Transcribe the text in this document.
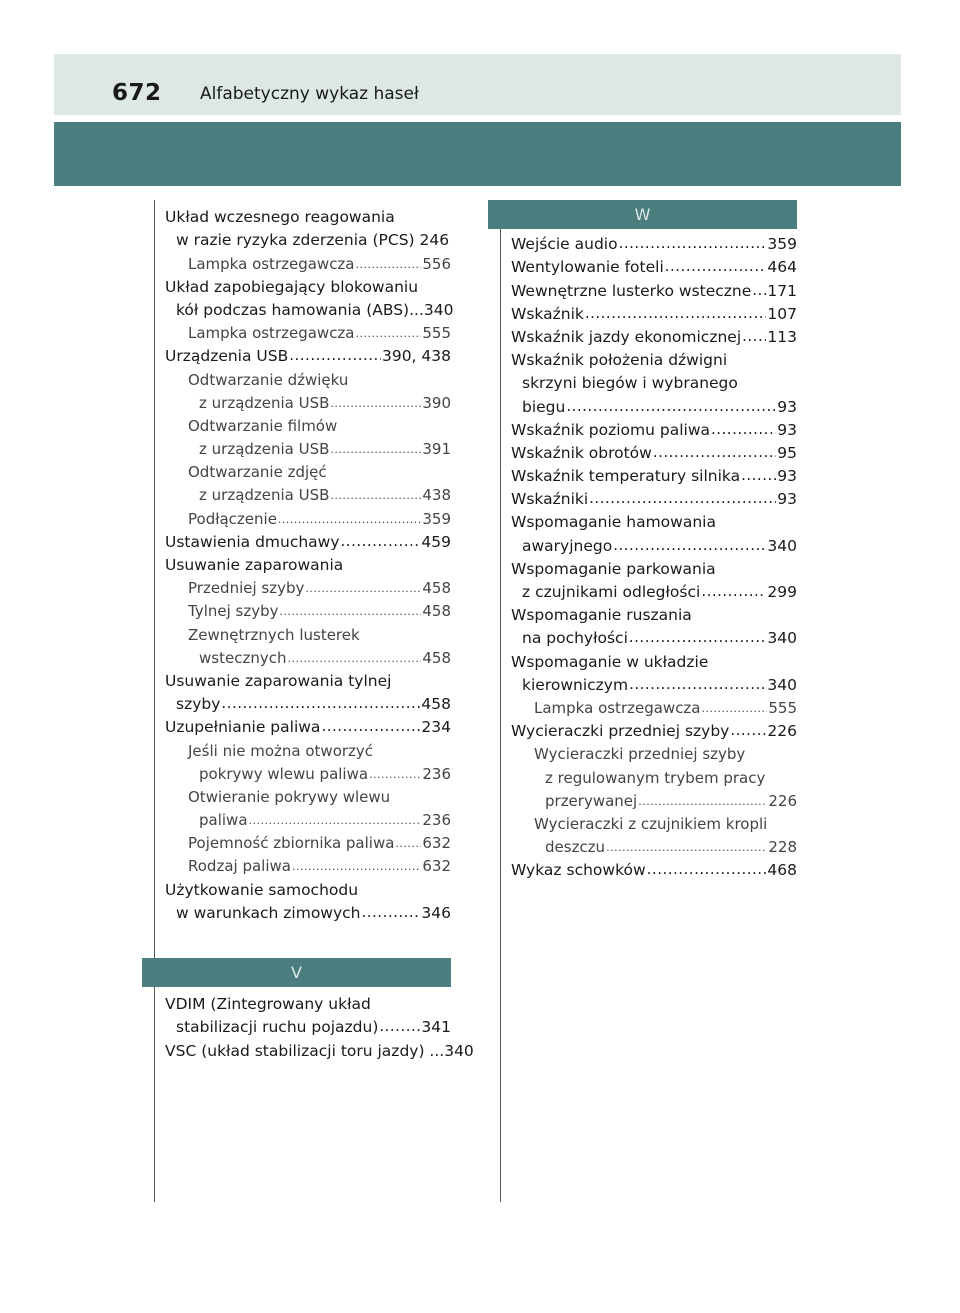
672 Alfabetyczny wykaz haseł
Układ wczesnego reagowania
w razie ryzyka zderzenia (PCS) 246
Lampka ostrzegawcza .....	556
Układ zapobiegający blokowaniu
kół podczas hamowania (ABS)...340
Lampka ostrzegawcza .....	555
Urządzenia USB .....	390, 438
Odtwarzanie dźwięku
z urządzenia USB .....	390
Odtwarzanie filmów
z urządzenia USB .....	391
Odtwarzanie zdjęć
z urządzenia USB .....	438
Podłączenie .....	359
Ustawienia dmuchawy .....	459
Usuwanie zaparowania
Przedniej szyby .....	458
Tylnej szyby .....	458
Zewnętrznych lusterek
wstecznych .....	458
Usuwanie zaparowania tylnej
szyby .....	458
Uzupełnianie paliwa .....	234
Jeśli nie można otworzyć
pokrywy wlewu paliwa .....	236
Otwieranie pokrywy wlewu
paliwa .....	236
Pojemność zbiornika paliwa ..... 632
Rodzaj paliwa .....	632
Użytkowanie samochodu
w warunkach zimowych .....	346
V
VDIM (Zintegrowany układ
stabilizacji ruchu pojazdu) .....	341
VSC (układ stabilizacji toru jazdy) ...340
W
Wejście audio .....	359
Wentylowanie foteli .....	464
Wewnętrzne lusterko wsteczne ..... 171
Wskaźnik .....	107
Wskaźnik jazdy ekonomicznej ..... 113
Wskaźnik położenia dźwigni
skrzyni biegów i wybranego
biegu .....	93
Wskaźnik poziomu paliwa .....	93
Wskaźnik obrotów .....	95
Wskaźnik temperatury silnika ..... 93
Wskaźniki .....	93
Wspomaganie hamowania
awaryjnego .....	340
Wspomaganie parkowania
z czujnikami odległości .....	299
Wspomaganie ruszania
na pochyłości .....	340
Wspomaganie w układzie
kierowniczym .....	340
Lampka ostrzegawcza .....	555
Wycieraczki przedniej szyby ..... 226
Wycieraczki przedniej szyby
z regulowanym trybem pracy
przerywanej .....	226
Wycieraczki z czujnikiem kropli
deszczu .....	228
Wykaz schowków .....	468
